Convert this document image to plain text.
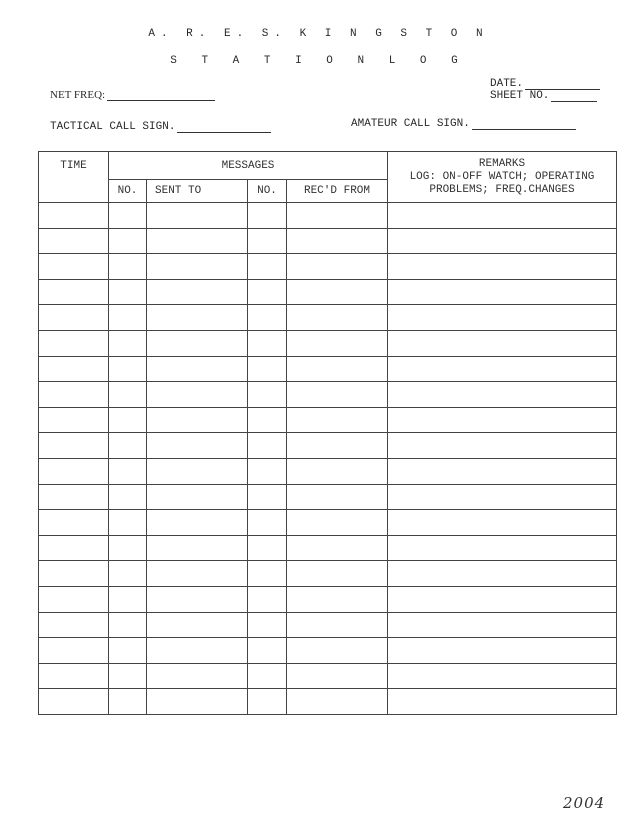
A. R. E. S. K I N G S T O N
S T A T I O N L O G
NET FREQ:
DATE.
SHEET NO.
TACTICAL CALL SIGN.	AMATEUR CALL SIGN.
TIME	MESSAGES				REMARKS
LOG: ON-OFF WATCH; OPERATING
PROBLEMS; FREQ.CHANGES

	NO.	SENT TO	NO.	REC'D FROM	

2004
